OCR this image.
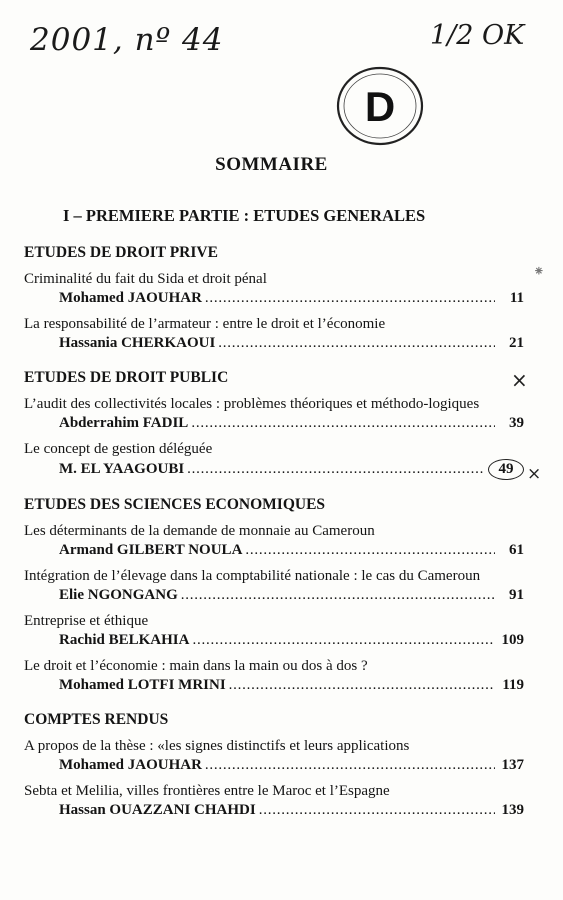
2001, nº 44	1/2 OK
D
SOMMAIRE
I – PREMIERE PARTIE : ETUDES GENERALES
ETUDES DE DROIT PRIVE
Criminalité du fait du Sida et droit pénal
Mohamed JAOUHAR . . .	11
La responsabilité de l’armateur : entre le droit et l’économie
Hassania CHERKAOUI . . .	21
ETUDES DE DROIT PUBLIC
L’audit des collectivités locales : problèmes théoriques et méthodo-logiques
Abderrahim FADIL . . .	39
Le concept de gestion déléguée
M. EL YAAGOUBI . . .	49
ETUDES DES SCIENCES ECONOMIQUES
Les déterminants de la demande de monnaie au Cameroun
Armand GILBERT NOULA . . .	61
Intégration de l’élevage dans la comptabilité nationale : le cas du Cameroun
Elie NGONGANG . . .	91
Entreprise et éthique
Rachid BELKAHIA . . .	109
Le droit et l’économie : main dans la main ou dos à dos ?
Mohamed LOTFI MRINI . . .	119
COMPTES RENDUS
A propos de la thèse : «les signes distinctifs et leurs applications
Mohamed JAOUHAR . . .	137
Sebta et Melilia, villes frontières entre le Maroc et l’Espagne
Hassan OUAZZANI CHAHDI . . .	139
×
×
⁕
